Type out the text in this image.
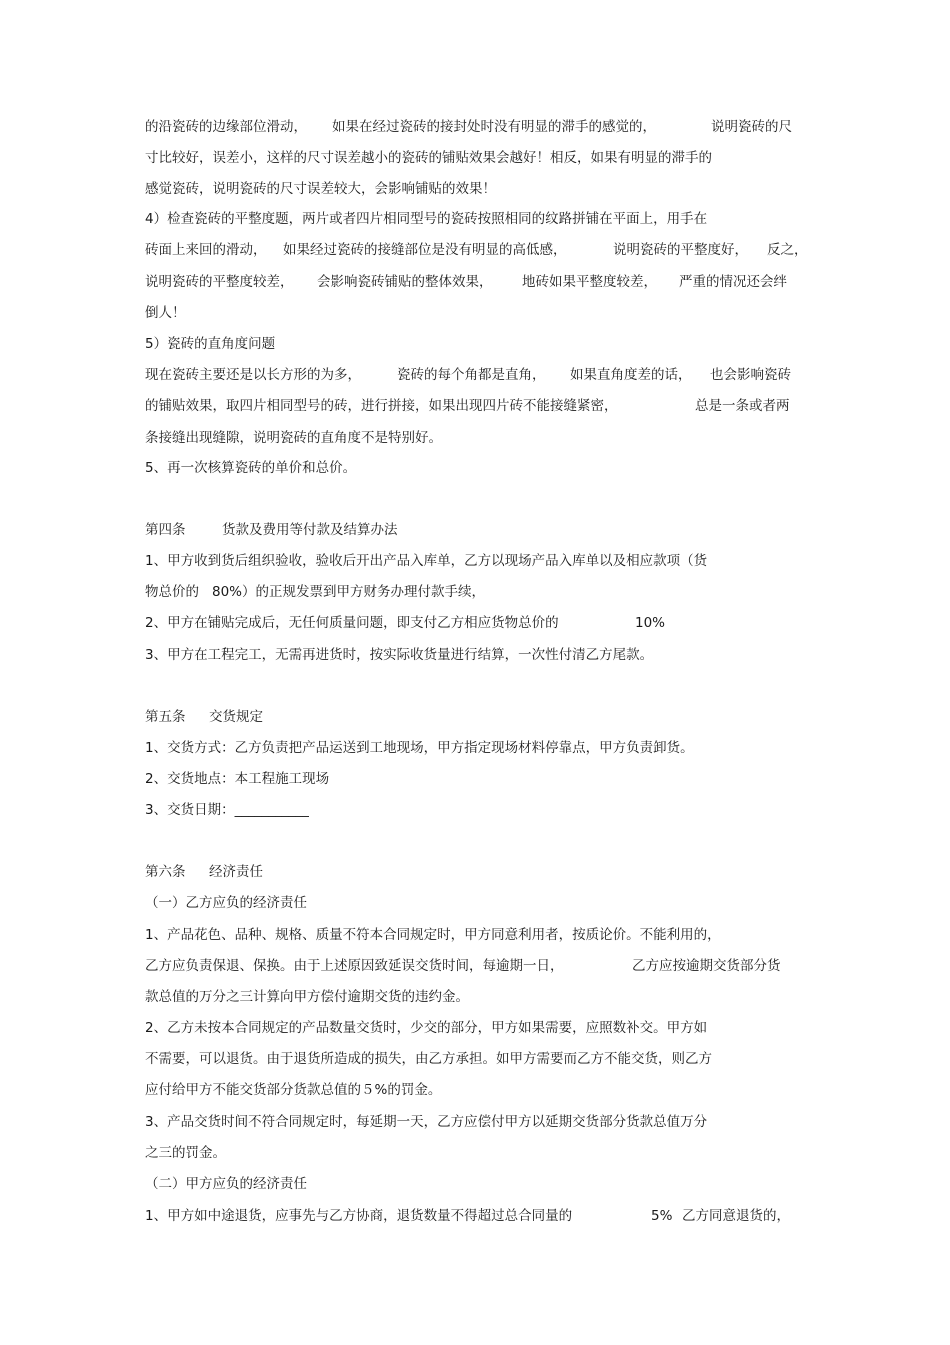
的沿瓷砖的边缘部位滑动， 如果在经过瓷砖的接封处时没有明显的滞手的感觉的，	说明瓷砖的尺
寸比较好，误差小，这样的尺寸误差越小的瓷砖的铺贴效果会越好！相反，如果有明显的滞手的
感觉瓷砖，说明瓷砖的尺寸误差较大，会影响铺贴的效果！
4）检查瓷砖的平整度题，两片或者四片相同型号的瓷砖按照相同的纹路拼铺在平面上，用手在
砖面上来回的滑动， 如果经过瓷砖的接缝部位是没有明显的高低感，	说明瓷砖的平整度好， 反之，
说明瓷砖的平整度较差， 会影响瓷砖铺贴的整体效果， 地砖如果平整度较差， 严重的情况还会绊
倒人！
5）瓷砖的直角度问题
现在瓷砖主要还是以长方形的为多，	瓷砖的每个角都是直角， 如果直角度差的话， 也会影响瓷砖
的铺贴效果，取四片相同型号的砖，进行拼接，如果出现四片砖不能接缝紧密，	总是一条或者两
条接缝出现缝隙，说明瓷砖的直角度不是特别好。
5、再一次核算瓷砖的单价和总价。
第四条	货款及费用等付款及结算办法
1、甲方收到货后组织验收，验收后开出产品入库单，乙方以现场产品入库单以及相应款项（货
物总价的 80%）的正规发票到甲方财务办理付款手续，
2、甲方在铺贴完成后，无任何质量问题，即支付乙方相应货物总价的	10%
3、甲方在工程完工，无需再进货时，按实际收货量进行结算，一次性付清乙方尾款。
第五条 交货规定
1、交货方式：乙方负责把产品运送到工地现场，甲方指定现场材料停靠点，甲方负责卸货。
2、交货地点：本工程施工现场
3、交货日期：___________
第六条 经济责任
（一）乙方应负的经济责任
1、产品花色、品种、规格、质量不符本合同规定时，甲方同意利用者，按质论价。不能利用的，
乙方应负责保退、保换。由于上述原因致延误交货时间，每逾期一日，	乙方应按逾期交货部分货
款总值的万分之三计算向甲方偿付逾期交货的违约金。
2、乙方未按本合同规定的产品数量交货时，少交的部分，甲方如果需要，应照数补交。甲方如
不需要，可以退货。由于退货所造成的损失，由乙方承担。如甲方需要而乙方不能交货，则乙方
应付给甲方不能交货部分货款总值的５%的罚金。
3、产品交货时间不符合同规定时，每延期一天，乙方应偿付甲方以延期交货部分货款总值万分
之三的罚金。
（二）甲方应负的经济责任
1、甲方如中途退货，应事先与乙方协商，退货数量不得超过总合同量的	5% 乙方同意退货的，
